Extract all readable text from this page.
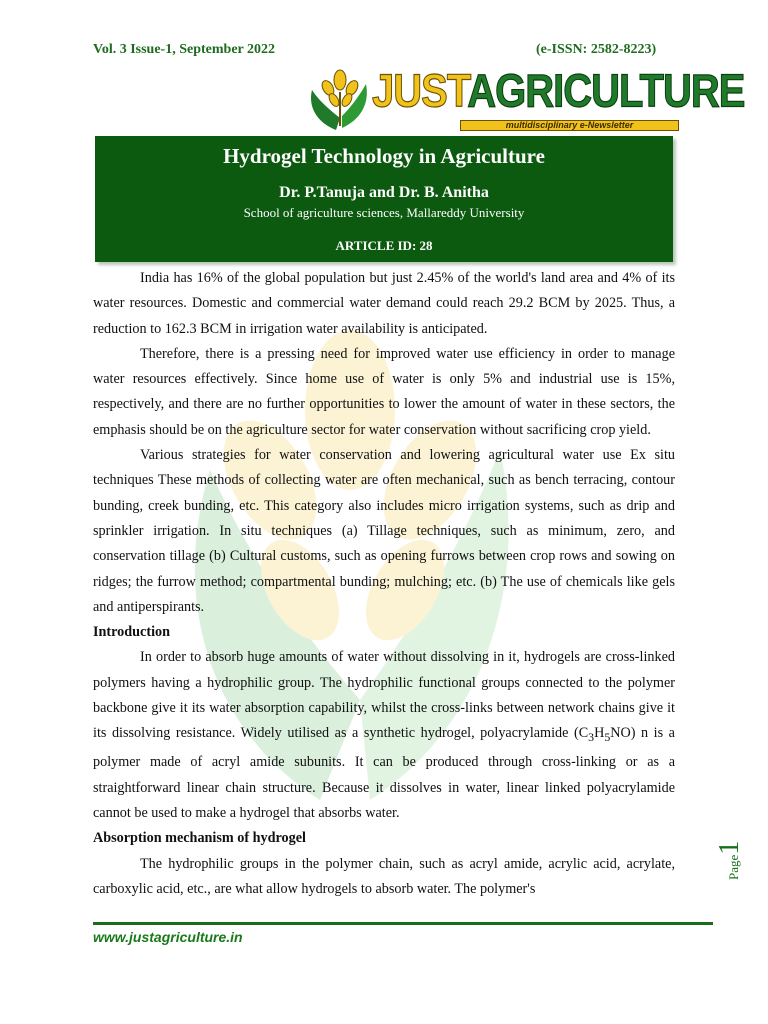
Vol. 3 Issue-1, September 2022	(e-ISSN: 2582-8223)
JUSTAGRICULTURE
multidisciplinary e-Newsletter
Hydrogel Technology in Agriculture
Dr. P.Tanuja and Dr. B. Anitha
School of agriculture sciences, Mallareddy University
ARTICLE ID: 28

India has 16% of the global population but just 2.45% of the world's land area and 4% of its water resources. Domestic and commercial water demand could reach 29.2 BCM by 2025. Thus, a reduction to 162.3 BCM in irrigation water availability is anticipated.

Therefore, there is a pressing need for improved water use efficiency in order to manage water resources effectively. Since home use of water is only 5% and industrial use is 15%, respectively, and there are no further opportunities to lower the amount of water in these sectors, the emphasis should be on the agriculture sector for water conservation without sacrificing crop yield.

Various strategies for water conservation and lowering agricultural water use Ex situ techniques These methods of collecting water are often mechanical, such as bench terracing, contour bunding, creek bunding, etc. This category also includes micro irrigation systems, such as drip and sprinkler irrigation. In situ techniques (a) Tillage techniques, such as minimum, zero, and conservation tillage (b) Cultural customs, such as opening furrows between crop rows and sowing on ridges; the furrow method; compartmental bunding; mulching; etc. (b) The use of chemicals like gels and antiperspirants.

Introduction

In order to absorb huge amounts of water without dissolving in it, hydrogels are cross-linked polymers having a hydrophilic group. The hydrophilic functional groups connected to the polymer backbone give it its water absorption capability, whilst the cross-links between network chains give it its dissolving resistance. Widely utilised as a synthetic hydrogel, polyacrylamide $(C_3H_5NO)$ n is a polymer made of acryl amide subunits. It can be produced through cross-linking or as a straightforward linear chain structure. Because it dissolves in water, linear linked polyacrylamide cannot be used to make a hydrogel that absorbs water.

Absorption mechanism of hydrogel

The hydrophilic groups in the polymer chain, such as acryl amide, acrylic acid, acrylate, carboxylic acid, etc., are what allow hydrogels to absorb water. The polymer's

www.justagriculture.in
Page1
